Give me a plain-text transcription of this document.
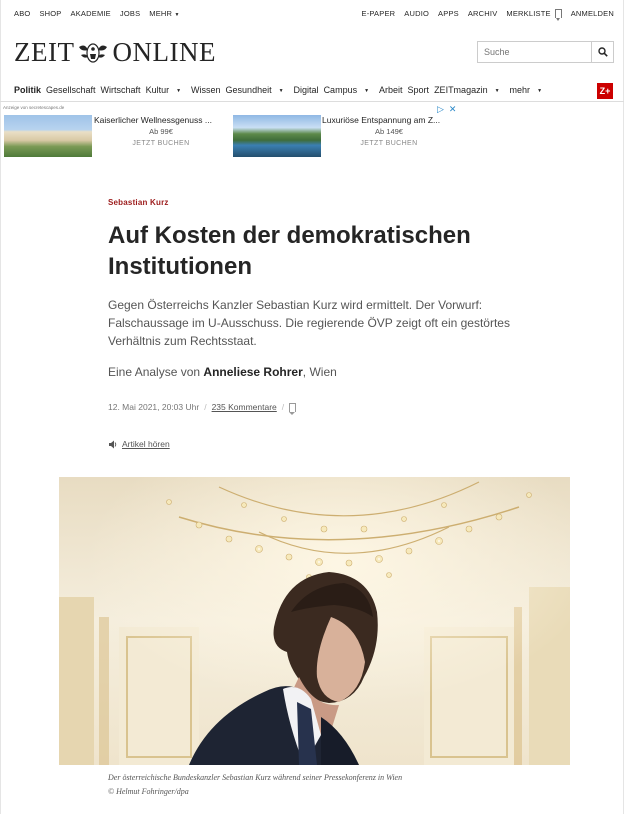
ABO SHOP AKADEMIE JOBS MEHR ▼	E-PAPER AUDIO APPS ARCHIV MERKLISTE	ANMELDEN
ZEIT ONLINE
Suche
Politik Gesellschaft Wirtschaft Kultur ▼	Wissen Gesundheit ▼	Digital Campus ▼	Arbeit Sport ZEITmagazin ▼	mehr ▼	Z+
Anzeige von secretescapes.de	▷ ✕
Kaiserlicher Wellnessgenuss ...
Ab 99€
JETZT BUCHEN
Luxuriöse Entspannung am Z...
Ab 149€
JETZT BUCHEN
Sebastian Kurz
Auf Kosten der demokratischen Institutionen

Gegen Österreichs Kanzler Sebastian Kurz wird ermittelt. Der Vorwurf: Falschaussage im U-Ausschuss. Die regierende ÖVP zeigt oft ein gestörtes Verhältnis zum Rechtsstaat.

Eine Analyse von Anneliese Rohrer, Wien
12. Mai 2021, 20:03 Uhr / 235 Kommentare /
Artikel hören
Der österreichische Bundeskanzler Sebastian Kurz während seiner Pressekonferenz in Wien
© Helmut Fohringer/dpa
